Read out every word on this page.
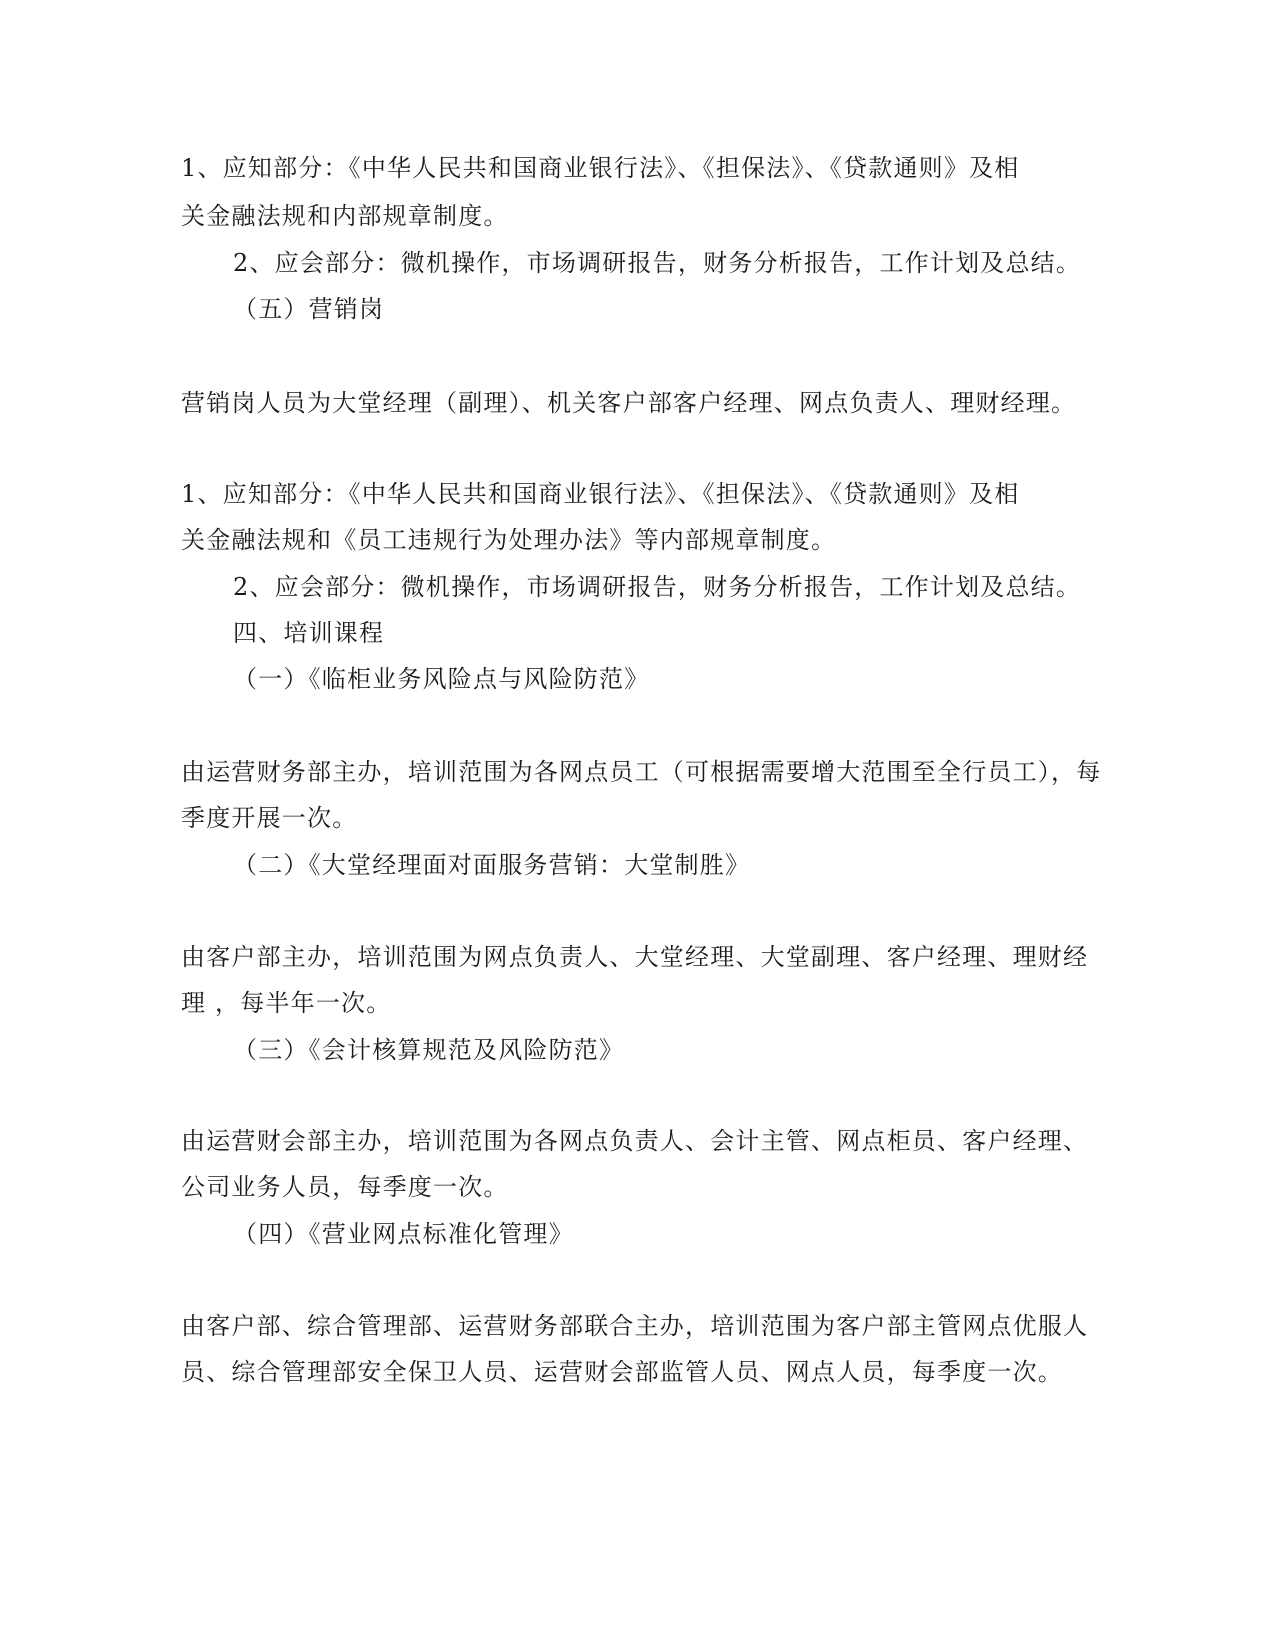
1、应知部分：《中华人民共和国商业银行法》、《担保法》、《贷款通则》及相
关金融法规和内部规章制度。
2、应会部分：微机操作，市场调研报告，财务分析报告，工作计划及总结。
（五）营销岗
营销岗人员为大堂经理（副理）、机关客户部客户经理、网点负责人、理财经理。
1、应知部分：《中华人民共和国商业银行法》、《担保法》、《贷款通则》及相
关金融法规和《员工违规行为处理办法》等内部规章制度。
2、应会部分：微机操作，市场调研报告，财务分析报告，工作计划及总结。
四、培训课程
（一）《临柜业务风险点与风险防范》
由运营财务部主办，培训范围为各网点员工（可根据需要增大范围至全行员工），每
季度开展一次。
（二）《大堂经理面对面服务营销：大堂制胜》
由客户部主办，培训范围为网点负责人、大堂经理、大堂副理、客户经理、理财经
理 ，每半年一次。
（三）《会计核算规范及风险防范》
由运营财会部主办，培训范围为各网点负责人、会计主管、网点柜员、客户经理、
公司业务人员，每季度一次。
（四）《营业网点标准化管理》
由客户部、综合管理部、运营财务部联合主办，培训范围为客户部主管网点优服人
员、综合管理部安全保卫人员、运营财会部监管人员、网点人员，每季度一次。
